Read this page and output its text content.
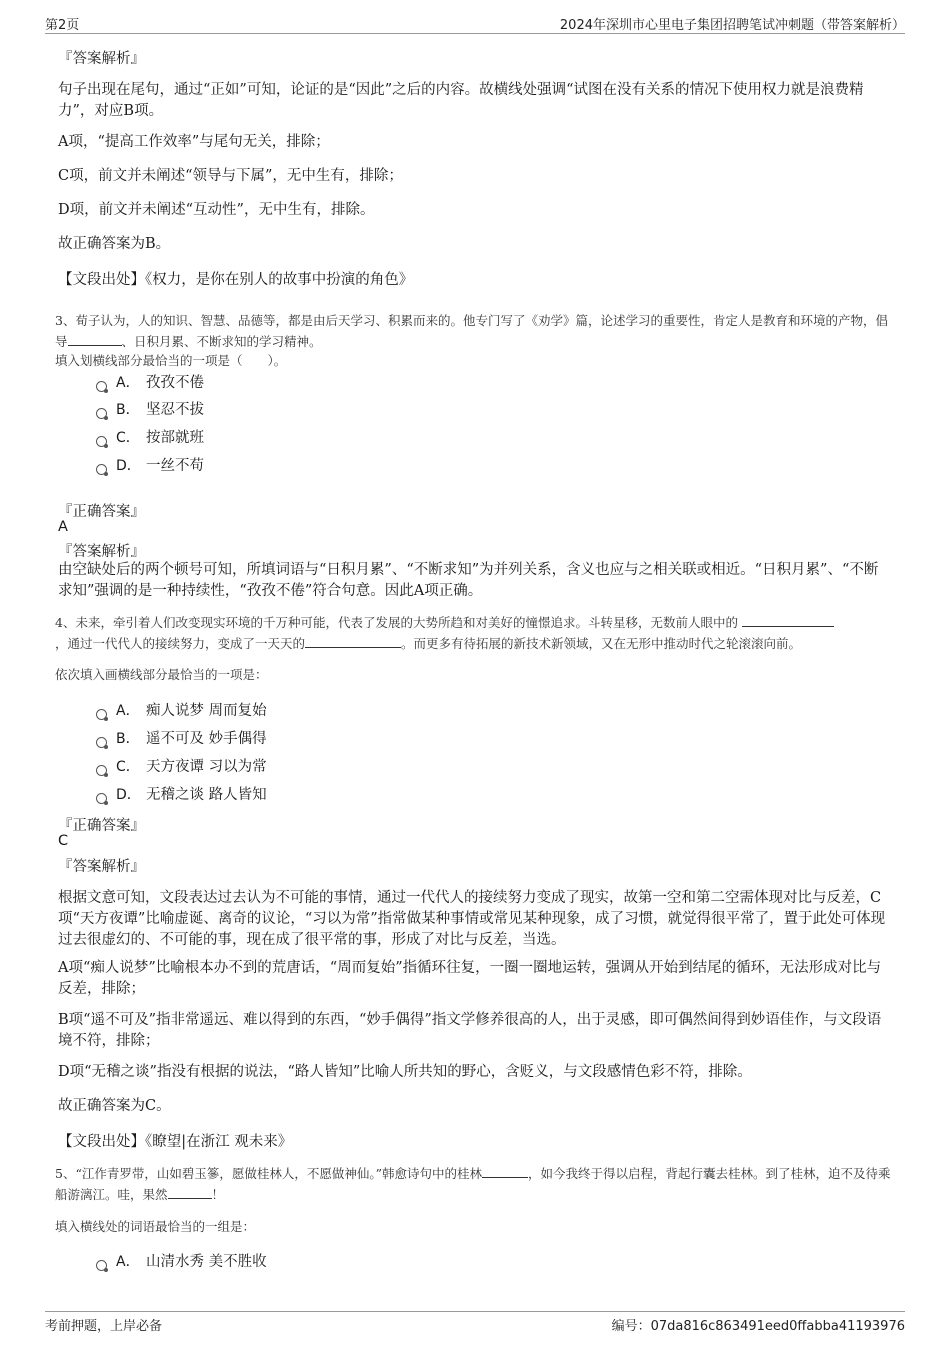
第2页	2024年深圳市心里电子集团招聘笔试冲刺题（带答案解析）
『答案解析』
句子出现在尾句，通过“正如”可知，论证的是“因此”之后的内容。故横线处强调“试图在没有关系的情况下使用权力就是浪费精力”，对应B项。
A项，“提高工作效率”与尾句无关，排除；
C项，前文并未阐述“领导与下属”，无中生有，排除；
D项，前文并未阐述“互动性”，无中生有，排除。
故正确答案为B。
【文段出处】《权力，是你在别人的故事中扮演的角色》
3、荀子认为，人的知识、智慧、品德等，都是由后天学习、积累而来的。他专门写了《劝学》篇，论述学习的重要性，肯定人是教育和环境的产物，倡导	、日积月累、不断求知的学习精神。
填入划横线部分最恰当的一项是（　　）。
A． 孜孜不倦
B． 坚忍不拔
C． 按部就班
D． 一丝不苟
『正确答案』
A
『答案解析』
由空缺处后的两个顿号可知，所填词语与“日积月累”、“不断求知”为并列关系，含义也应与之相关联或相近。“日积月累”、“不断求知”强调的是一种持续性，“孜孜不倦”符合句意。因此A项正确。
4、未来，牵引着人们改变现实环境的千万种可能，代表了发展的大势所趋和对美好的憧憬追求。斗转星移，无数前人眼中的
，通过一代代人的接续努力，变成了一天天的	。而更多有待拓展的新技术新领域，又在无形中推动时代之轮滚滚向前。
依次填入画横线部分最恰当的一项是：
A． 痴人说梦 周而复始
B． 遥不可及 妙手偶得
C． 天方夜谭 习以为常
D． 无稽之谈 路人皆知
『正确答案』
C
『答案解析』
根据文意可知，文段表达过去认为不可能的事情，通过一代代人的接续努力变成了现实，故第一空和第二空需体现对比与反差，C项“天方夜谭”比喻虚诞、离奇的议论，“习以为常”指常做某种事情或常见某种现象，成了习惯，就觉得很平常了，置于此处可体现过去很虚幻的、不可能的事，现在成了很平常的事，形成了对比与反差，当选。
A项“痴人说梦”比喻根本办不到的荒唐话，“周而复始”指循环往复，一圈一圈地运转，强调从开始到结尾的循环，无法形成对比与反差，排除；
B项“遥不可及”指非常遥远、难以得到的东西，“妙手偶得”指文学修养很高的人，出于灵感，即可偶然间得到妙语佳作，与文段语境不符，排除；
D项“无稽之谈”指没有根据的说法，“路人皆知”比喻人所共知的野心，含贬义，与文段感情色彩不符，排除。
故正确答案为C。
【文段出处】《瞭望|在浙江 观未来》
5、“江作青罗带，山如碧玉篸，愿做桂林人，不愿做神仙。”韩愈诗句中的桂林	，如今我终于得以启程，背起行囊去桂林。到了桂林，迫不及待乘船游漓江。哇，果然	！
填入横线处的词语最恰当的一组是：
A． 山清水秀 美不胜收
考前押题，上岸必备	编号：07da816c863491eed0ffabba41193976
